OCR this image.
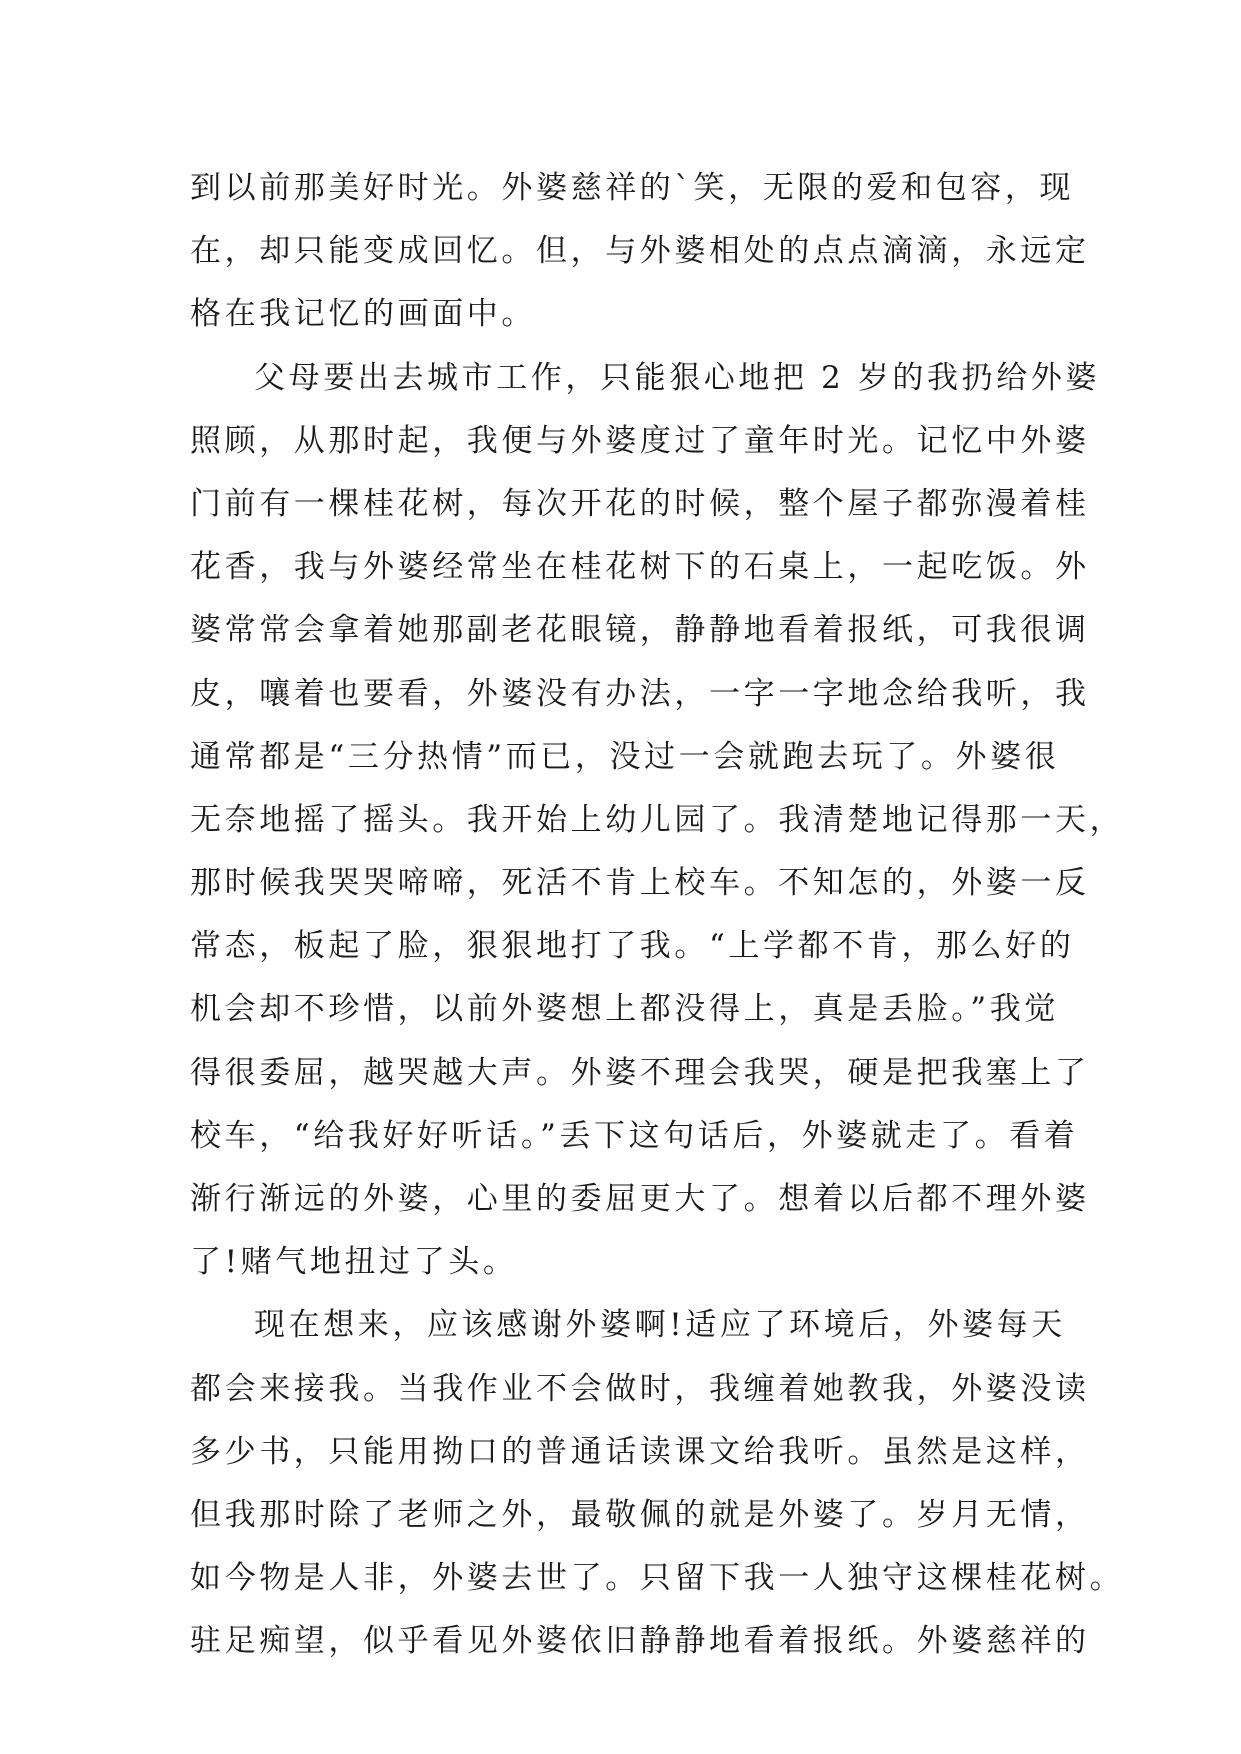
到以前那美好时光。外婆慈祥的`笑，无限的爱和包容，现
在，却只能变成回忆。但，与外婆相处的点点滴滴，永远定
格在我记忆的画面中。
父母要出去城市工作，只能狠心地把 2 岁的我扔给外婆
照顾，从那时起，我便与外婆度过了童年时光。记忆中外婆
门前有一棵桂花树，每次开花的时候，整个屋子都弥漫着桂
花香，我与外婆经常坐在桂花树下的石桌上，一起吃饭。外
婆常常会拿着她那副老花眼镜，静静地看着报纸，可我很调
皮，嚷着也要看，外婆没有办法，一字一字地念给我听，我
通常都是“三分热情”而已，没过一会就跑去玩了。外婆很
无奈地摇了摇头。我开始上幼儿园了。我清楚地记得那一天，
那时候我哭哭啼啼，死活不肯上校车。不知怎的，外婆一反
常态，板起了脸，狠狠地打了我。“上学都不肯，那么好的
机会却不珍惜，以前外婆想上都没得上，真是丢脸。”我觉
得很委屈，越哭越大声。外婆不理会我哭，硬是把我塞上了
校车，“给我好好听话。”丢下这句话后，外婆就走了。看着
渐行渐远的外婆，心里的委屈更大了。想着以后都不理外婆
了!赌气地扭过了头。
现在想来，应该感谢外婆啊!适应了环境后，外婆每天
都会来接我。当我作业不会做时，我缠着她教我，外婆没读
多少书，只能用拗口的普通话读课文给我听。虽然是这样，
但我那时除了老师之外，最敬佩的就是外婆了。岁月无情，
如今物是人非，外婆去世了。只留下我一人独守这棵桂花树。
驻足痴望，似乎看见外婆依旧静静地看着报纸。外婆慈祥的
